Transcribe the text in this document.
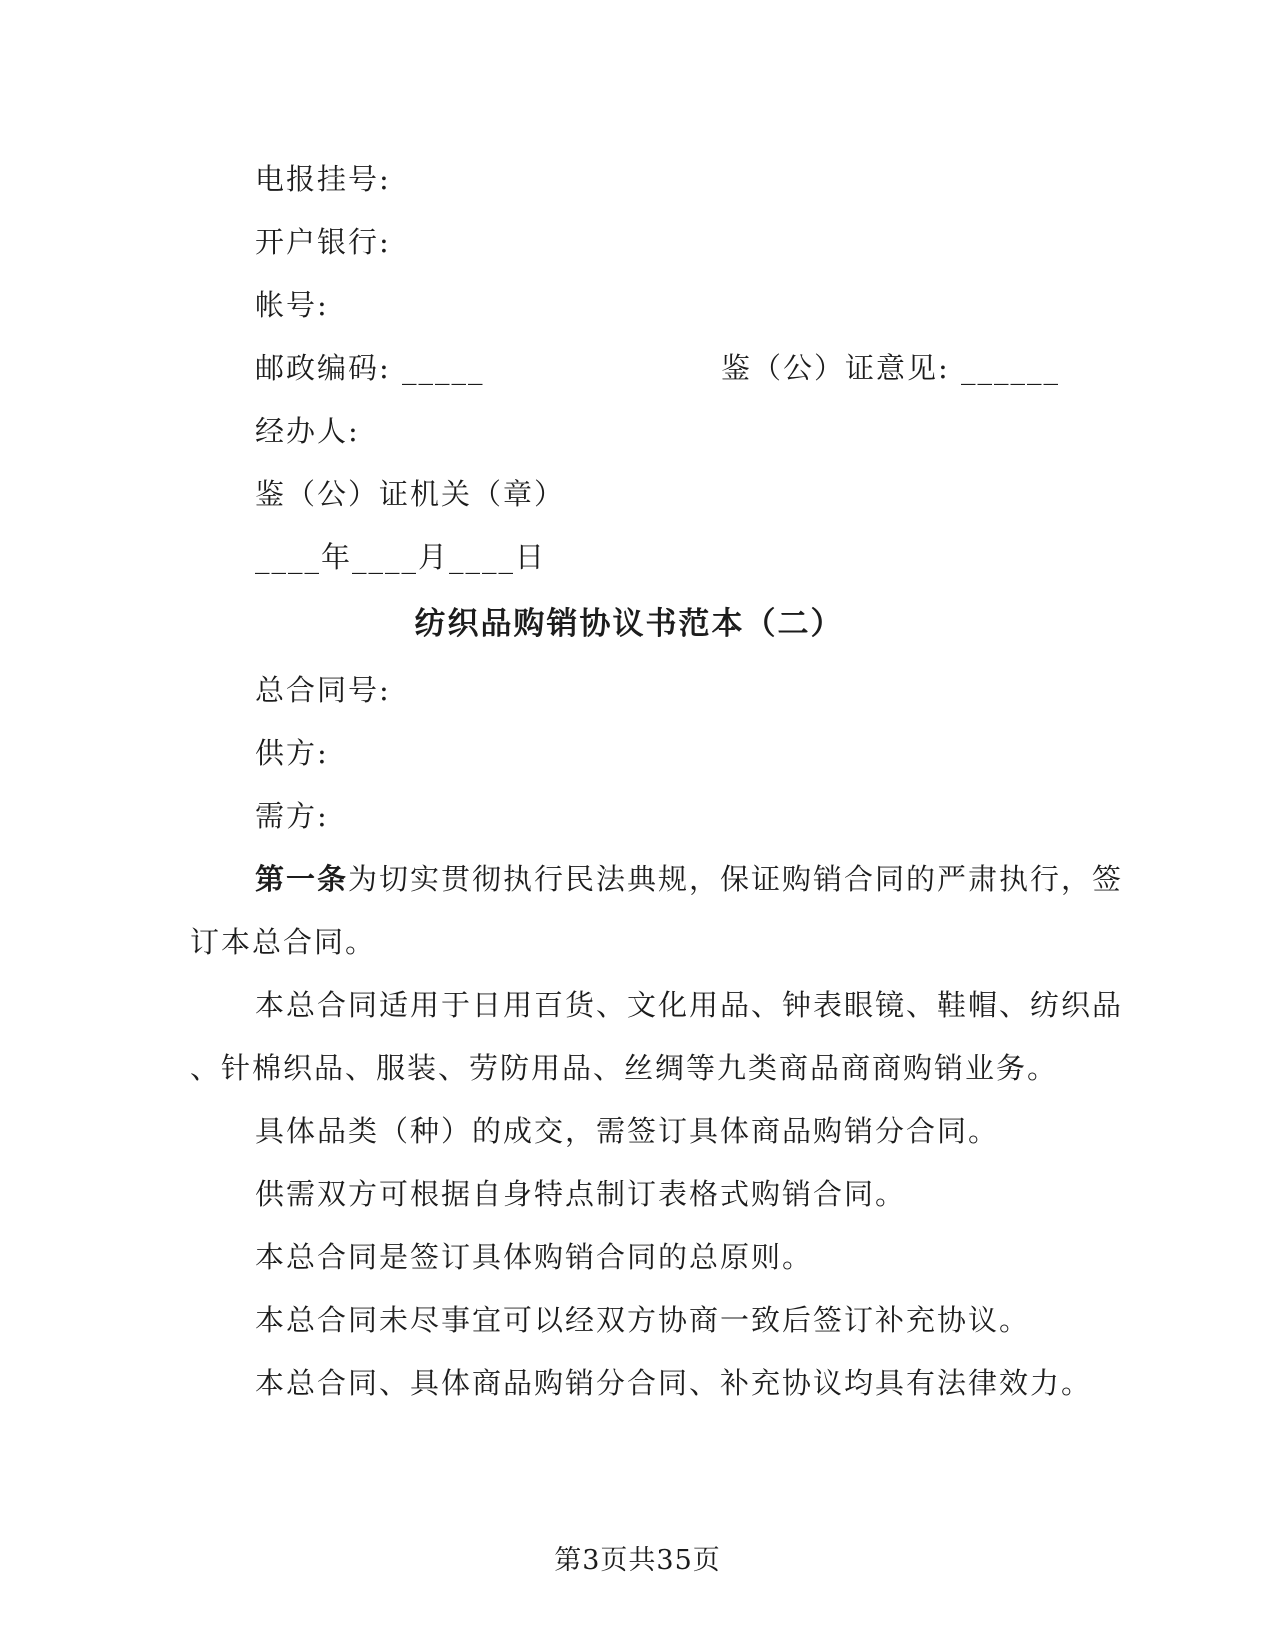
电报挂号:
开户银行:
帐号:
邮政编码: _____	鉴（公）证意见: ______
经办人:
鉴（公）证机关（章）
____年____月____日
纺织品购销协议书范本（二）
总合同号:
供方:
需方:
第一条为切实贯彻执行民法典规，保证购销合同的严肃执行，签
订本总合同。
本总合同适用于日用百货、文化用品、钟表眼镜、鞋帽、纺织品
、针棉织品、服装、劳防用品、丝绸等九类商品商商购销业务。
具体品类（种）的成交，需签订具体商品购销分合同。
供需双方可根据自身特点制订表格式购销合同。
本总合同是签订具体购销合同的总原则。
本总合同未尽事宜可以经双方协商一致后签订补充协议。
本总合同、具体商品购销分合同、补充协议均具有法律效力。
第3页共35页
